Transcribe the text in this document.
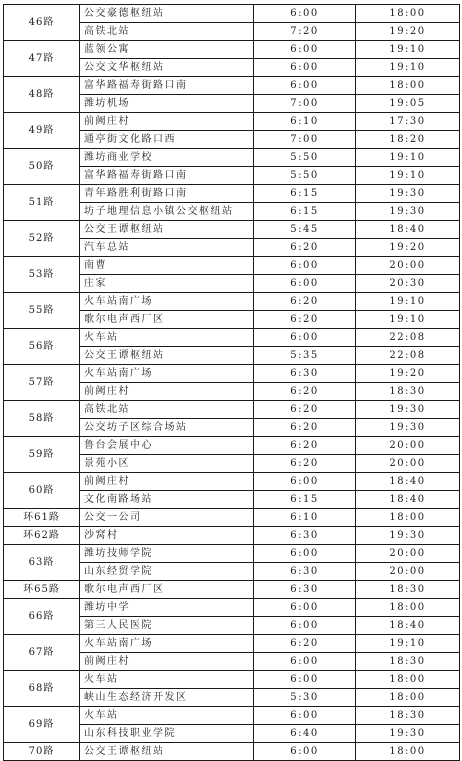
46路	公交豪德枢纽站	6:00	18:00
	高铁北站	7:20	19:20
47路	蓝领公寓	6:00	19:10
	公交文华枢纽站	6:00	19:10
48路	富华路福寿街路口南	6:00	18:00
	潍坊机场	7:00	19:05
49路	前阙庄村	6:10	17:30
	通亭街文化路口西	7:00	18:20
50路	潍坊商业学校	5:50	19:10
	富华路福寿街路口南	5:50	19:10
51路	青年路胜利街路口南	6:15	19:30
	坊子地理信息小镇公交枢纽站	6:15	19:30
52路	公交王谭枢纽站	5:45	18:40
	汽车总站	6:20	19:20
53路	南曹	6:00	20:00
	庄家	6:00	20:30
55路	火车站南广场	6:20	19:10
	歌尔电声西厂区	6:20	19:10
56路	火车站	6:00	22:08
	公交王谭枢纽站	5:35	22:08
57路	火车站南广场	6:30	19:20
	前阙庄村	6:20	18:30
58路	高铁北站	6:20	19:30
	公交坊子区综合场站	6:20	19:30
59路	鲁台会展中心	6:20	20:00
	景苑小区	6:20	20:00
60路	前阙庄村	6:00	18:40
	文化南路场站	6:15	18:40
环61路	公交一公司	6:10	18:00
环62路	沙窝村	6:30	19:30
63路	潍坊技师学院	6:00	20:00
	山东经贸学院	6:30	20:00
环65路	歌尔电声西厂区	6:30	18:30
66路	潍坊中学	6:00	18:00
	第三人民医院	6:00	18:40
67路	火车站南广场	6:20	19:10
	前阙庄村	6:00	18:30
68路	火车站	6:00	18:00
	峡山生态经济开发区	5:30	18:00
69路	火车站	6:00	18:30
	山东科技职业学院	6:40	19:30
70路	公交王谭枢纽站	6:00	18:00
